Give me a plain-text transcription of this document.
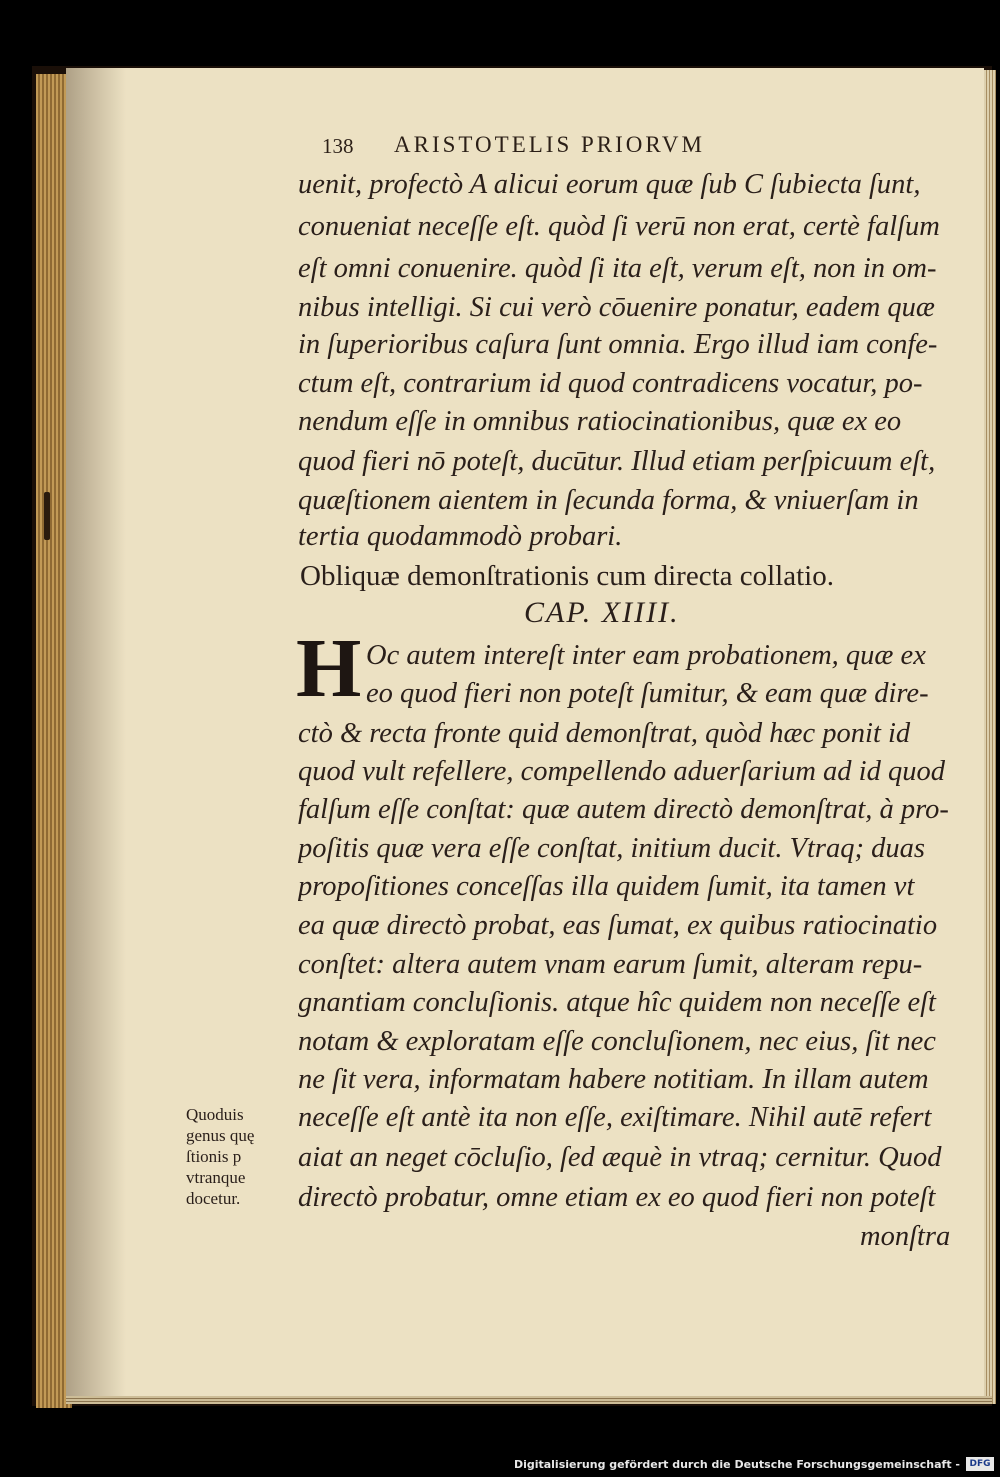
138 ARISTOTELIS PRIORVM
uenit, profectò A alicui eorum quæ ſub C ſubiecta ſunt,
conueniat neceſſe eſt. quòd ſi verū non erat, certè falſum
eſt omni conuenire. quòd ſi ita eſt, verum eſt, non in om-
nibus intelligi. Si cui verò cōuenire ponatur, eadem quæ
in ſuperioribus caſura ſunt omnia. Ergo illud iam confe-
ctum eſt, contrarium id quod contradicens vocatur, po-
nendum eſſe in omnibus ratiocinationibus, quæ ex eo
quod fieri nō poteſt, ducūtur. Illud etiam perſpicuum eſt,
quæſtionem aientem in ſecunda forma, & vniuerſam in
tertia quodammodò probari.
Obliquæ demonſtrationis cum directa collatio.
CAP. XIIII.
H Oc autem intereſt inter eam probationem, quæ ex
eo quod fieri non poteſt ſumitur, & eam quæ dire-
ctò & recta fronte quid demonſtrat, quòd hæc ponit id
quod vult refellere, compellendo aduerſarium ad id quod
falſum eſſe conſtat: quæ autem directò demonſtrat, à pro-
poſitis quæ vera eſſe conſtat, initium ducit. Vtraq; duas
propoſitiones conceſſas illa quidem ſumit, ita tamen vt
ea quæ directò probat, eas ſumat, ex quibus ratiocinatio
conſtet: altera autem vnam earum ſumit, alteram repu-
gnantiam concluſionis. atque hîc quidem non neceſſe eſt
notam & exploratam eſſe concluſionem, nec eius, ſit nec
ne ſit vera, informatam habere notitiam. In illam autem
neceſſe eſt antè ita non eſſe, exiſtimare. Nihil autē refert
aiat an neget cōcluſio, ſed æquè in vtraq; cernitur. Quod
directò probatur, omne etiam ex eo quod fieri non poteſt
monſtra
Quoduis
genus quę
ſtionis p
vtranque
docetur.
Digitalisierung gefördert durch die Deutsche Forschungsgemeinschaft -	DFG
